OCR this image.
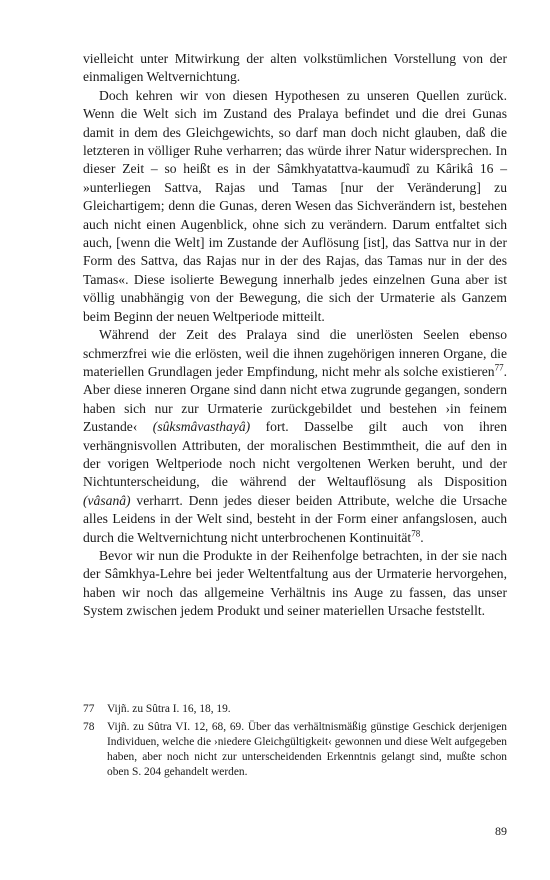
vielleicht unter Mitwirkung der alten volkstümlichen Vorstellung von der einmaligen Weltvernichtung.

Doch kehren wir von diesen Hypothesen zu unseren Quellen zurück. Wenn die Welt sich im Zustand des Pralaya befindet und die drei Gunas damit in dem des Gleichgewichts, so darf man doch nicht glauben, daß die letzteren in völliger Ruhe verharren; das würde ihrer Natur widersprechen. In dieser Zeit – so heißt es in der Sâmkhyatattva-kaumudî zu Kârikâ 16 – »unterliegen Sattva, Rajas und Tamas [nur der Veränderung] zu Gleichartigem; denn die Gunas, deren Wesen das Sichverändern ist, bestehen auch nicht einen Augenblick, ohne sich zu verändern. Darum entfaltet sich auch, [wenn die Welt] im Zustande der Auflösung [ist], das Sattva nur in der Form des Sattva, das Rajas nur in der des Rajas, das Tamas nur in der des Tamas«. Diese isolierte Bewegung innerhalb jedes einzelnen Guna aber ist völlig unabhängig von der Bewegung, die sich der Urmaterie als Ganzem beim Beginn der neuen Weltperiode mitteilt.

Während der Zeit des Pralaya sind die unerlösten Seelen ebenso schmerzfrei wie die erlösten, weil die ihnen zugehörigen inneren Organe, die materiellen Grundlagen jeder Empfindung, nicht mehr als solche existieren$^{77}$. Aber diese inneren Organe sind dann nicht etwa zugrunde gegangen, sondern haben sich nur zur Urmaterie zurückgebildet und bestehen ›in feinem Zustande‹ (sûksmâvasthayâ) fort. Dasselbe gilt auch von ihren verhängnisvollen Attributen, der moralischen Bestimmtheit, die auf den in der vorigen Weltperiode noch nicht vergoltenen Werken beruht, und der Nichtunterscheidung, die während der Weltauflösung als Disposition (vâsanâ) verharrt. Denn jedes dieser beiden Attribute, welche die Ursache alles Leidens in der Welt sind, besteht in der Form einer anfangslosen, auch durch die Weltvernichtung nicht unterbrochenen Kontinuität$^{78}$.

Bevor wir nun die Produkte in der Reihenfolge betrachten, in der sie nach der Sâmkhya-Lehre bei jeder Weltentfaltung aus der Urmaterie hervorgehen, haben wir noch das allgemeine Verhältnis ins Auge zu fassen, das unser System zwischen jedem Produkt und seiner materiellen Ursache feststellt.

77	Vijñ. zu Sûtra I. 16, 18, 19.
78	Vijñ. zu Sûtra VI. 12, 68, 69. Über das verhältnismäßig günstige Geschick derjenigen Individuen, welche die ›niedere Gleichgültigkeit‹ gewonnen und diese Welt aufgegeben haben, aber noch nicht zur unterscheidenden Erkenntnis gelangt sind, mußte schon oben S. 204 gehandelt werden.
89
